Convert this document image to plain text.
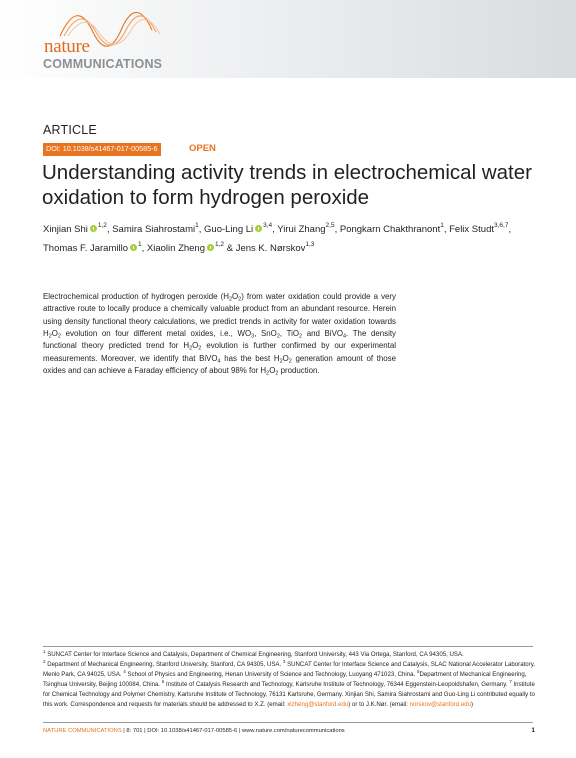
nature
COMMUNICATIONS
ARTICLE
DOI: 10.1038/s41467-017-00585-6	OPEN
Understanding activity trends in electrochemical water oxidation to form hydrogen peroxide
Xinjian Shi $^{1,2}$, Samira Siahrostami$^1$, Guo-Ling Li $^{3,4}$, Yirui Zhang$^{2,5}$, Pongkarn Chakthranont$^1$, Felix Studt$^{3,6,7}$,
Thomas F. Jaramillo $^1$, Xiaolin Zheng $^{1,2}$ & Jens K. Nørskov$^{1,3}$

Electrochemical production of hydrogen peroxide $(H_2O_2)$ from water oxidation could provide a very attractive route to locally produce a chemically valuable product from an abundant resource. Herein using density functional theory calculations, we predict trends in activity for water oxidation towards $H_2O_2$ evolution on four different metal oxides, i.e., $WO_3$, SnO$_2$, TiO$_2$ and BiVO$_4$. The density functional theory predicted trend for $H_2O_2$ evolution is further confirmed by our experimental measurements. Moreover, we identify that BiVO$_4$ has the best $H_2O_2$ generation amount of those oxides and can achieve a Faraday efficiency of about 98% for $H_2O_2$ production.

$^1$ SUNCAT Center for Interface Science and Catalysis, Department of Chemical Engineering, Stanford University, 443 Via Ortega, Stanford, CA 94305, USA.
$^2$ Department of Mechanical Engineering, Stanford University, Stanford, CA 94305, USA. $^3$ SUNCAT Center for Interface Science and Catalysis, SLAC National Accelerator Laboratory, Menlo Park, CA 94025, USA. $^4$ School of Physics and Engineering, Henan University of Science and Technology, Luoyang 471023, China. $^5$Department of Mechanical Engineering, Tsinghua University, Beijing 100084, China. $^6$ Institute of Catalysis Research and Technology, Karlsruhe Institute of Technology, 76344 Eggenstein-Leopoldshafen, Germany. $^7$ Institute for Chemical Technology and Polymer Chemistry, Karlsruhe Institute of Technology, 76131 Karlsruhe, Germany. Xinjian Shi, Samira Siahrostami and Guo-Ling Li contributed equally to this work. Correspondence and requests for materials should be addressed to X.Z. (email: xlzheng@stanford.edu) or to J.K.Nør. (email: norskov@stanford.edu)

NATURE COMMUNICATIONS | 8: 701 | DOI: 10.1038/s41467-017-00585-6 | www.nature.com/naturecommunications	1
